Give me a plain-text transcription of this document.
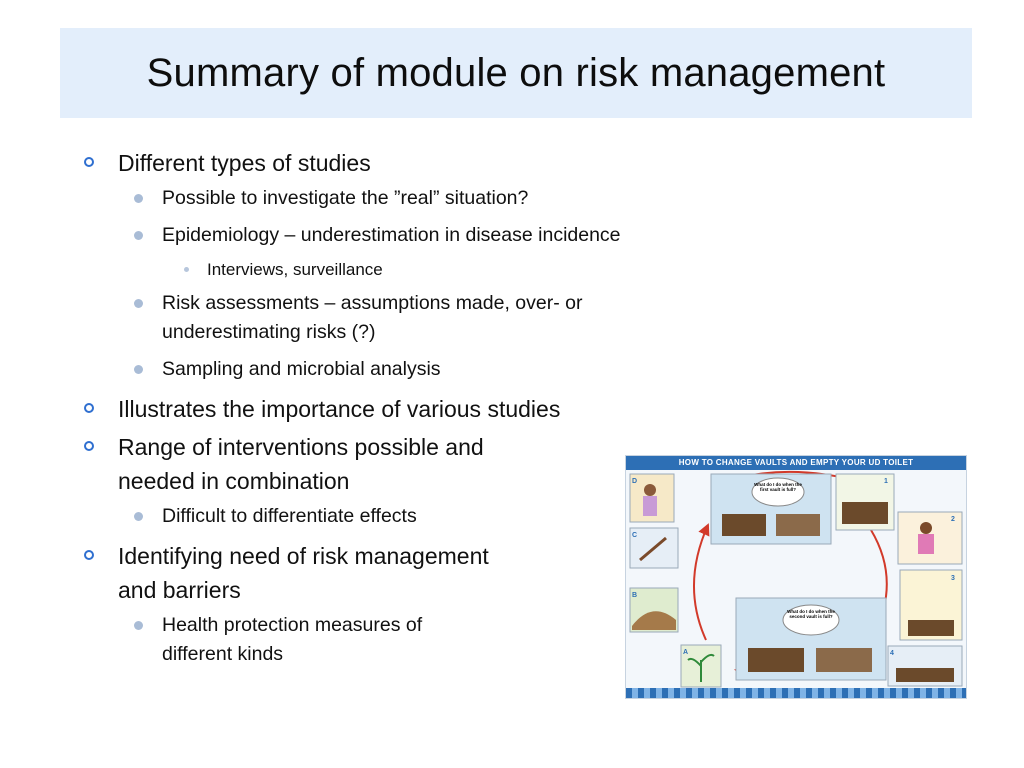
Summary of module on risk management
Different types of studies
Possible to investigate the ”real” situation?
Epidemiology – underestimation in disease incidence
Interviews, surveillance
Risk assessments – assumptions made, over- or
underestimating risks (?)
Sampling and microbial analysis
Illustrates the importance of various studies
Range of interventions possible and
needed in combination
Difficult to differentiate effects
Identifying need of risk management
and barriers
Health protection measures of
different kinds
HOW TO CHANGE VAULTS AND EMPTY YOUR UD TOILET
D	What do I do when the first vault is full?
1
2
C
B
A
What do I do when the second vault is full?
3
4
